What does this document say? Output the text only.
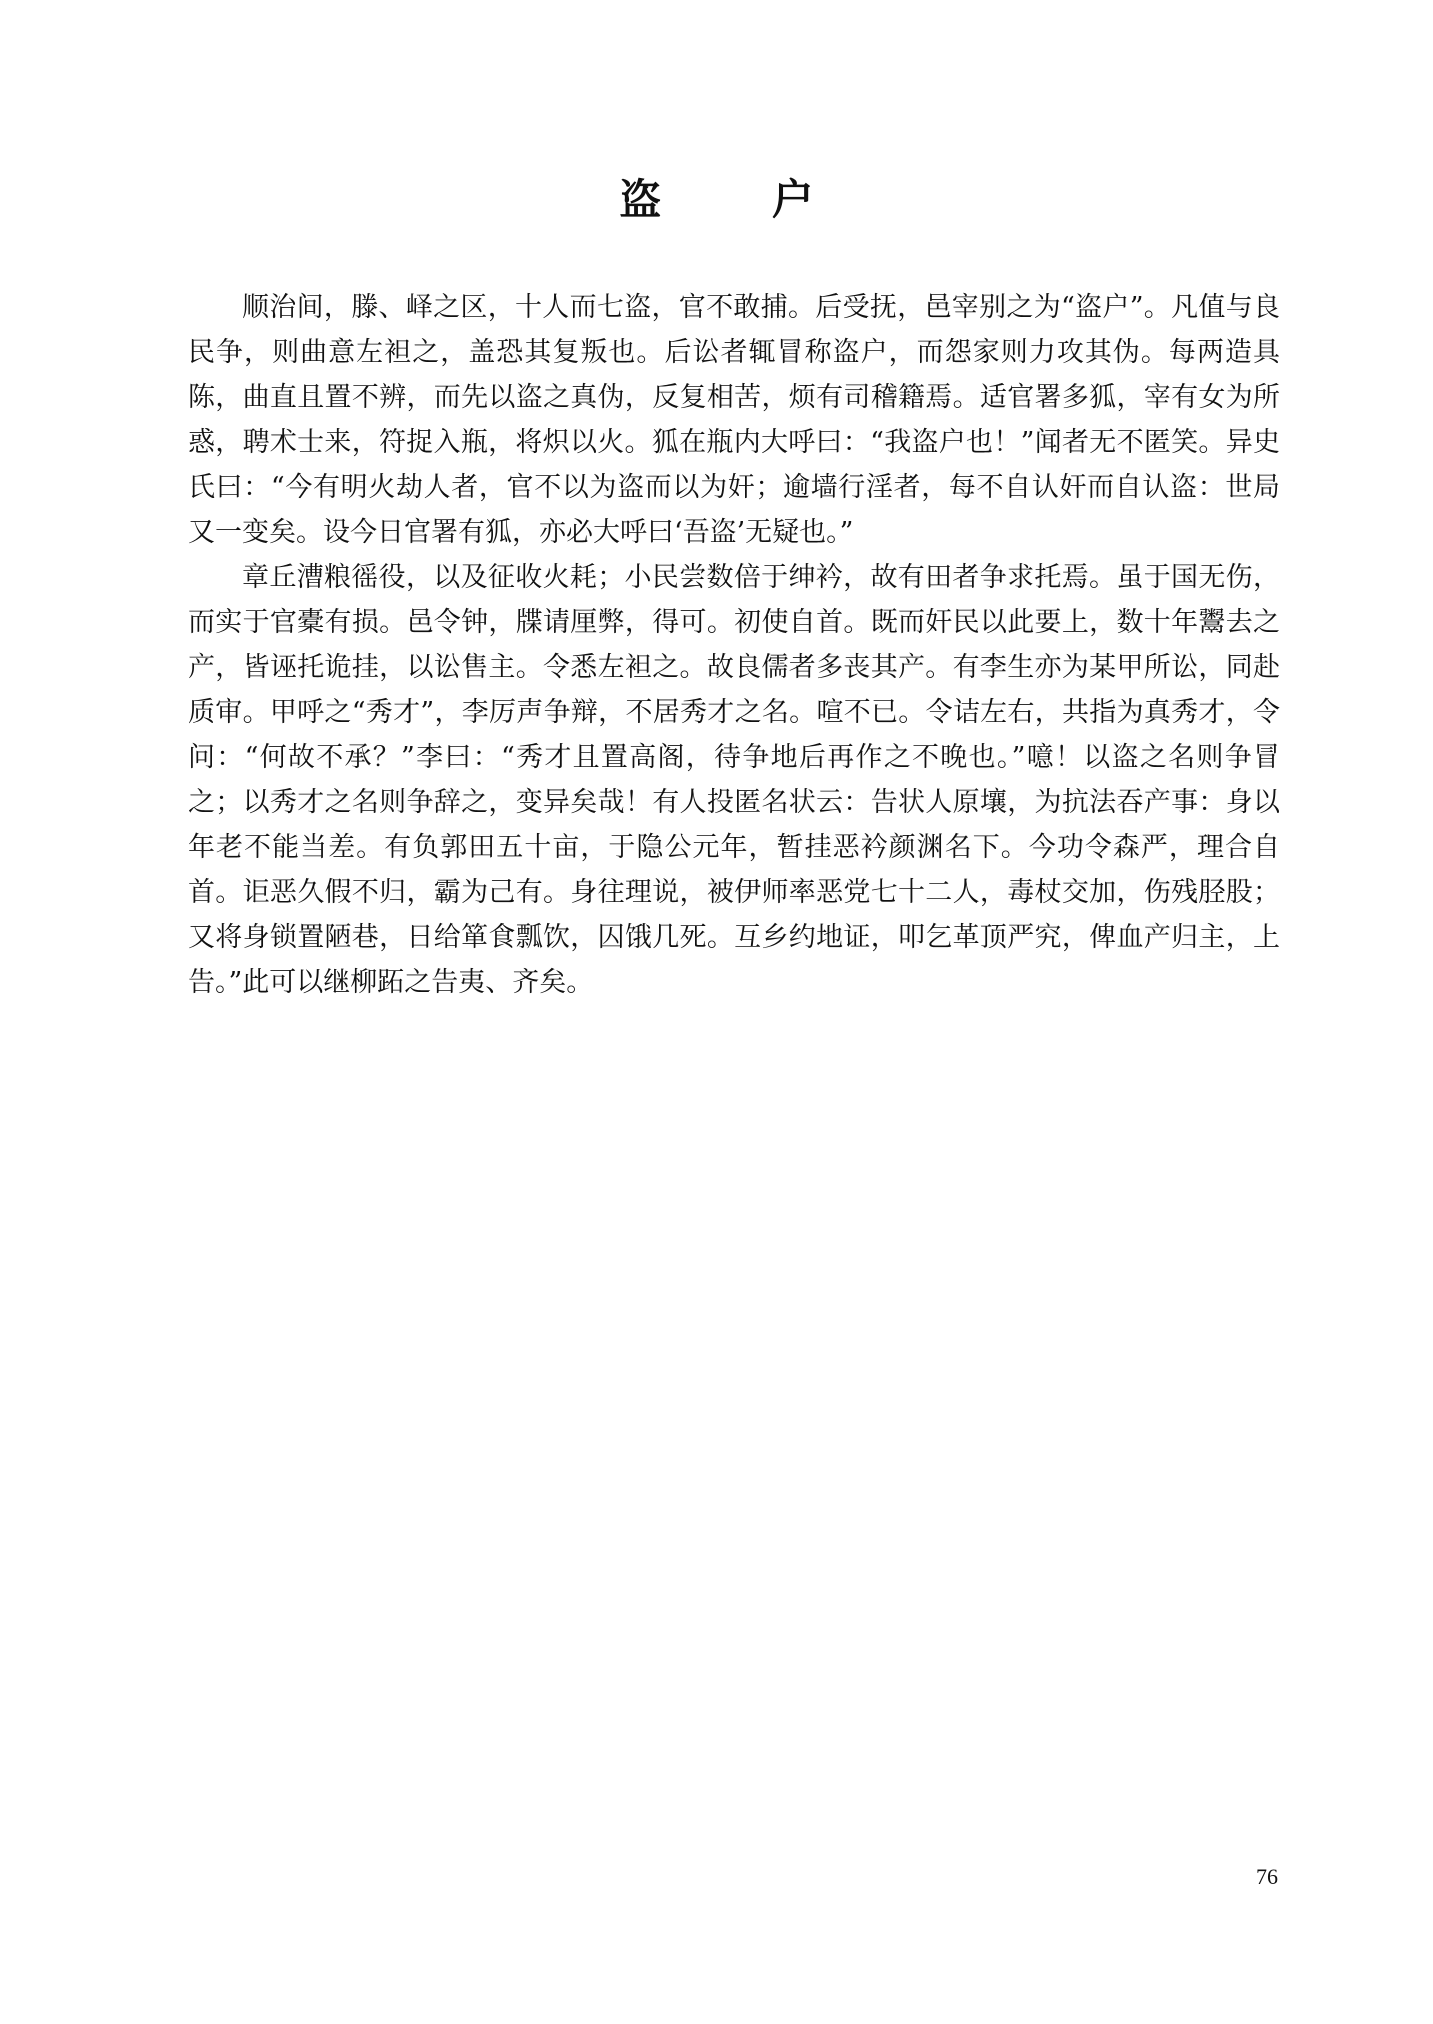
盗 户

顺治间，滕、峄之区，十人而七盗，官不敢捕。后受抚，邑宰别之为“盗户”。凡值与良民争，则曲意左袒之，盖恐其复叛也。后讼者辄冒称盗户，而怨家则力攻其伪。每两造具陈，曲直且置不辨，而先以盗之真伪，反复相苦，烦有司稽籍焉。适官署多狐，宰有女为所惑，聘术士来，符捉入瓶，将炽以火。狐在瓶内大呼曰：“我盗户也！”闻者无不匿笑。异史氏曰：“今有明火劫人者，官不以为盗而以为奸；逾墙行淫者，每不自认奸而自认盗：世局又一变矣。设今日官署有狐，亦必大呼曰‘吾盗’无疑也。”

章丘漕粮徭役，以及征收火耗；小民尝数倍于绅衿，故有田者争求托焉。虽于国无伤，而实于官橐有损。邑令钟，牒请厘弊，得可。初使自首。既而奸民以此要上，数十年鬻去之产，皆诬托诡挂，以讼售主。令悉左袒之。故良儒者多丧其产。有李生亦为某甲所讼，同赴质审。甲呼之“秀才”，李厉声争辩，不居秀才之名。喧不已。令诘左右，共指为真秀才，令问：“何故不承？”李曰：“秀才且置高阁，待争地后再作之不晚也。”噫！以盗之名则争冒之；以秀才之名则争辞之，变异矣哉！有人投匿名状云：告状人原壤，为抗法吞产事：身以年老不能当差。有负郭田五十亩，于隐公元年，暂挂恶衿颜渊名下。今功令森严，理合自首。讵恶久假不归，霸为己有。身往理说，被伊师率恶党七十二人，毒杖交加，伤残胫股；又将身锁置陋巷，日给箪食瓢饮，囚饿几死。互乡约地证，叩乞革顶严究，俾血产归主，上告。”此可以继柳跖之告夷、齐矣。

76
